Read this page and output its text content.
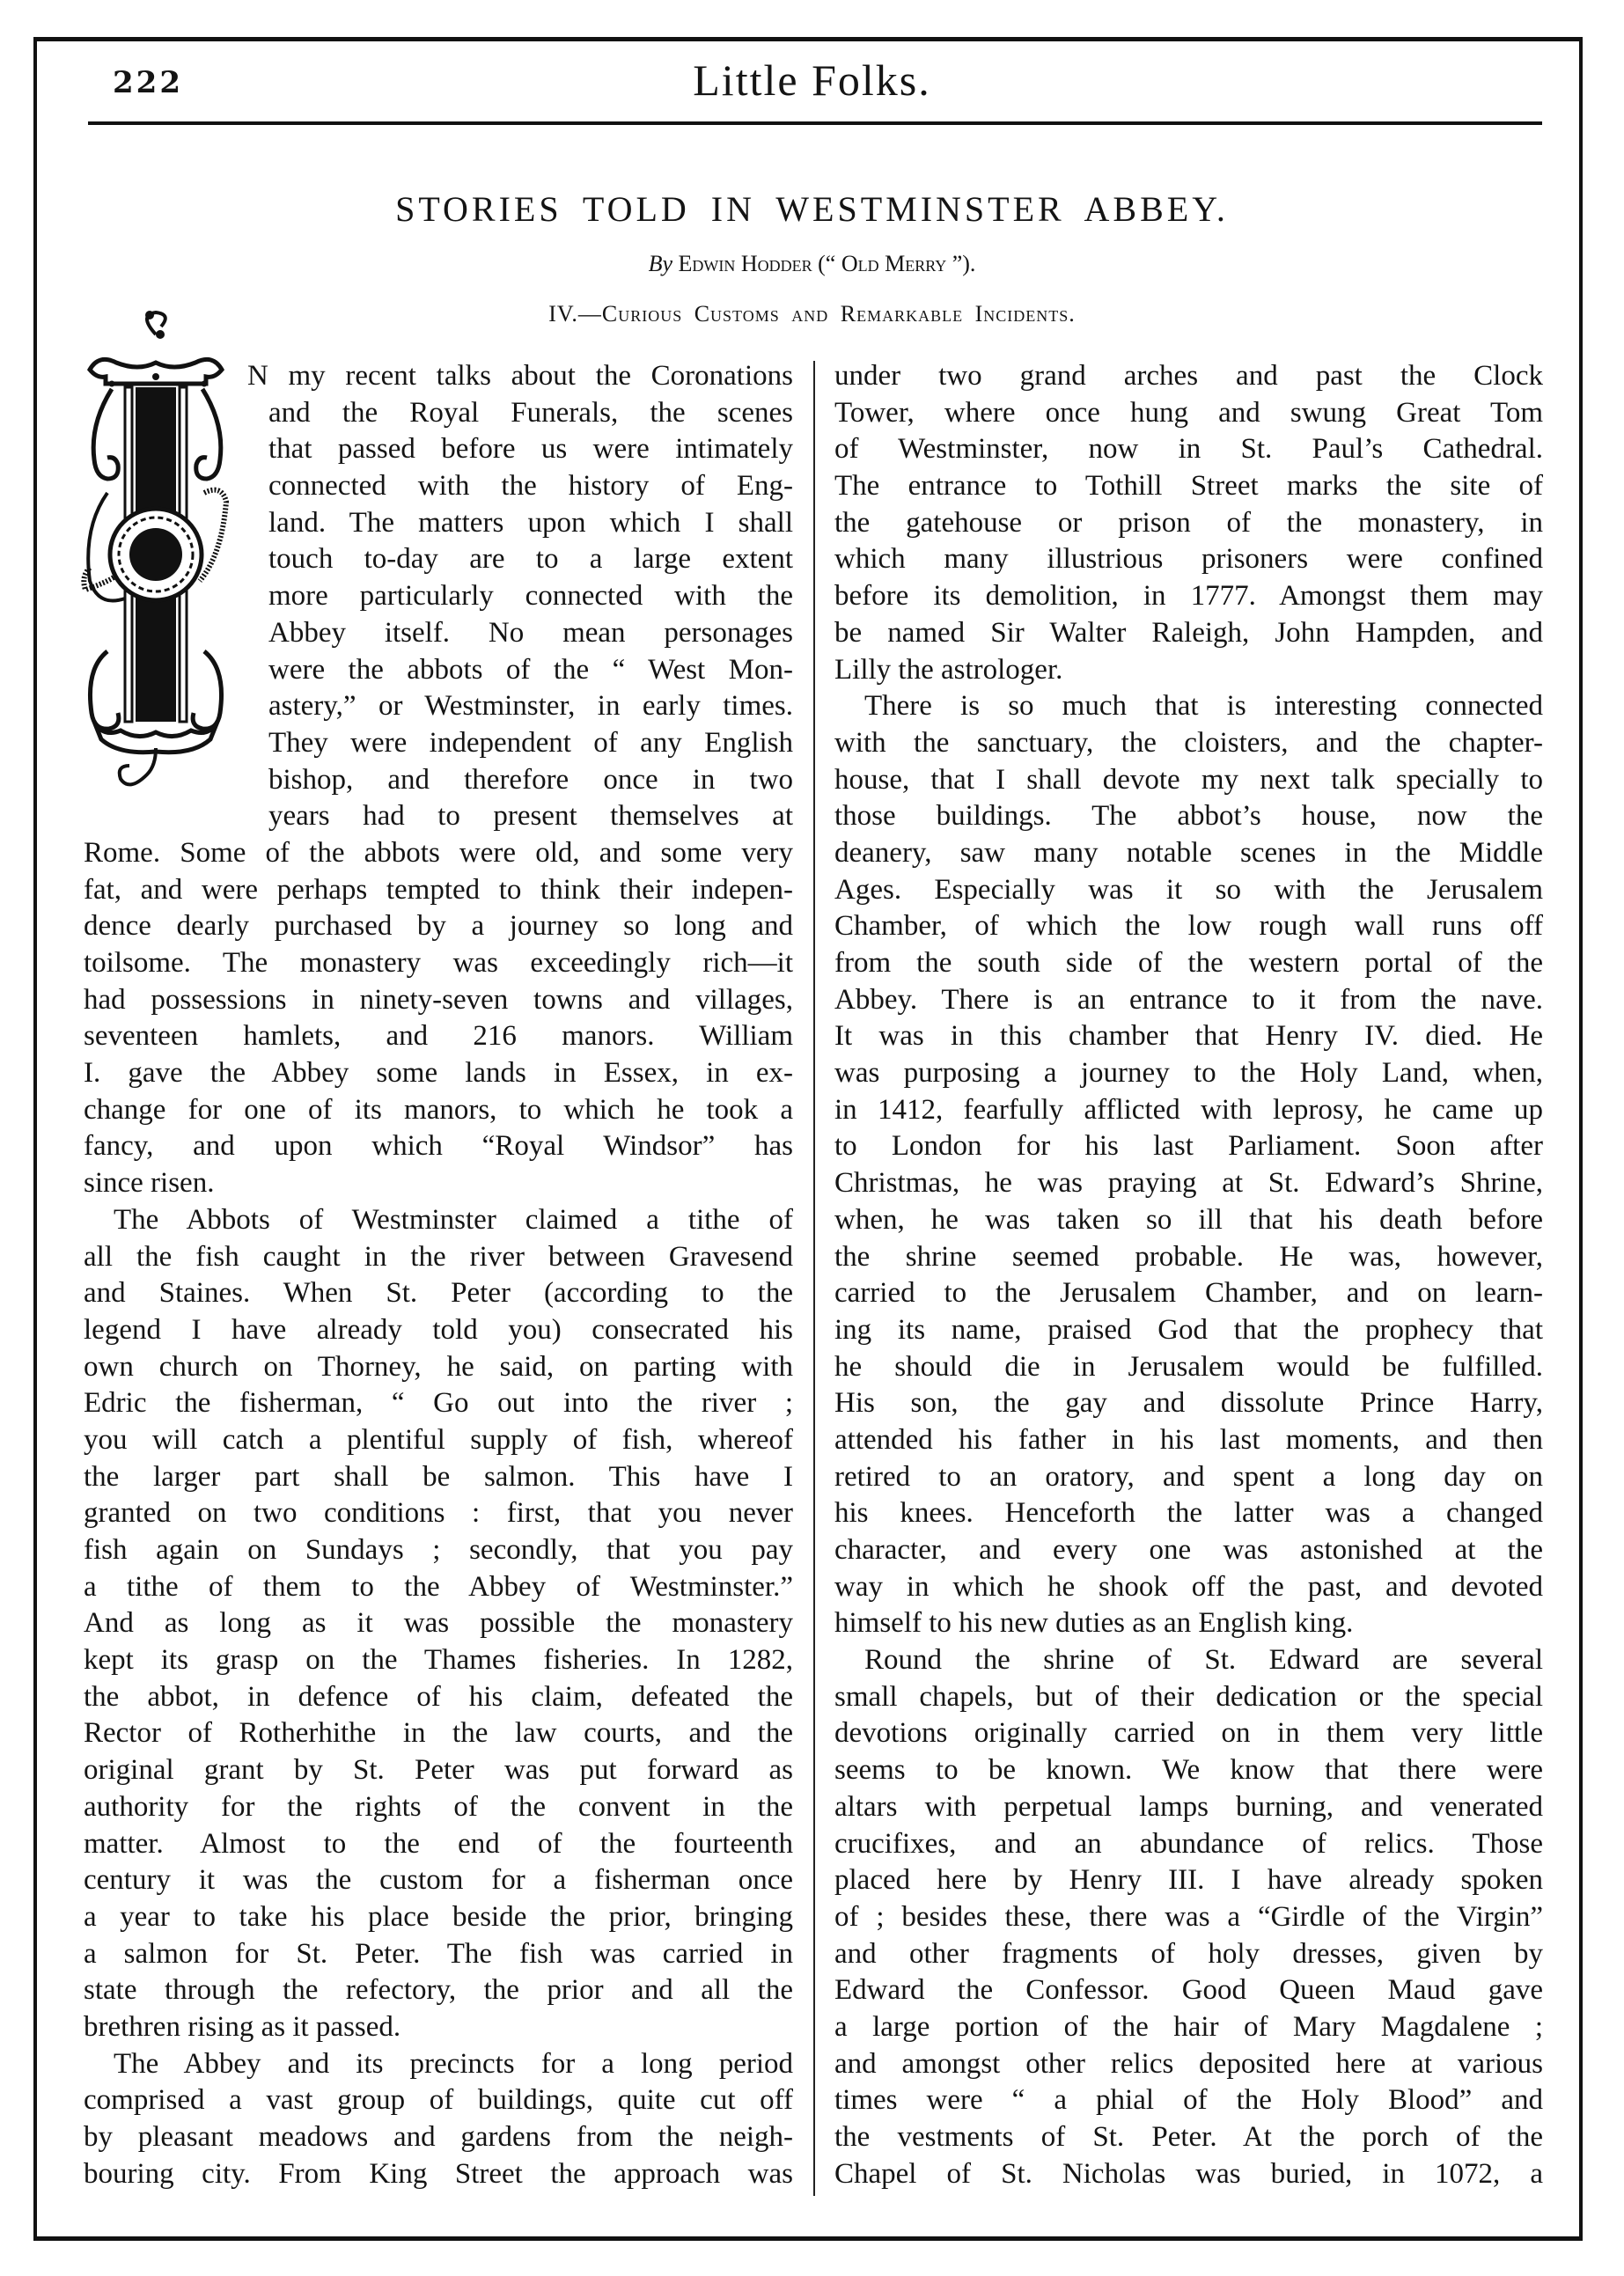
222	Little Folks.
STORIES TOLD IN WESTMINSTER ABBEY.
By Edwin Hodder (“ Old Merry ”).
IV.—Curious Customs and Remarkable Incidents.
N my recent talks about the Coronations
and the Royal Funerals, the scenes
that passed before us were intimately
connected with the history of Eng-
land. The matters upon which I shall
touch to-day are to a large extent
more particularly connected with the
Abbey itself. No mean personages
were the abbots of the “ West Mon-
astery,” or Westminster, in early times.
They were independent of any English
bishop, and therefore once in two
years had to present themselves at
Rome. Some of the abbots were old, and some very
fat, and were perhaps tempted to think their indepen-
dence dearly purchased by a journey so long and
toilsome. The monastery was exceedingly rich—it
had possessions in ninety-seven towns and villages,
seventeen hamlets, and 216 manors. William
I. gave the Abbey some lands in Essex, in ex-
change for one of its manors, to which he took a
fancy, and upon which “Royal Windsor” has
since risen.
The Abbots of Westminster claimed a tithe of
all the fish caught in the river between Gravesend
and Staines. When St. Peter (according to the
legend I have already told you) consecrated his
own church on Thorney, he said, on parting with
Edric the fisherman, “ Go out into the river ;
you will catch a plentiful supply of fish, whereof
the larger part shall be salmon. This have I
granted on two conditions : first, that you never
fish again on Sundays ; secondly, that you pay
a tithe of them to the Abbey of Westminster.”
And as long as it was possible the monastery
kept its grasp on the Thames fisheries. In 1282,
the abbot, in defence of his claim, defeated the
Rector of Rotherhithe in the law courts, and the
original grant by St. Peter was put forward as
authority for the rights of the convent in the
matter. Almost to the end of the fourteenth
century it was the custom for a fisherman once
a year to take his place beside the prior, bringing
a salmon for St. Peter. The fish was carried in
state through the refectory, the prior and all the
brethren rising as it passed.
The Abbey and its precincts for a long period
comprised a vast group of buildings, quite cut off
by pleasant meadows and gardens from the neigh-
bouring city. From King Street the approach was
under two grand arches and past the Clock
Tower, where once hung and swung Great Tom
of Westminster, now in St. Paul’s Cathedral.
The entrance to Tothill Street marks the site of
the gatehouse or prison of the monastery, in
which many illustrious prisoners were confined
before its demolition, in 1777. Amongst them may
be named Sir Walter Raleigh, John Hampden, and
Lilly the astrologer.
There is so much that is interesting connected
with the sanctuary, the cloisters, and the chapter-
house, that I shall devote my next talk specially to
those buildings. The abbot’s house, now the
deanery, saw many notable scenes in the Middle
Ages. Especially was it so with the Jerusalem
Chamber, of which the low rough wall runs off
from the south side of the western portal of the
Abbey. There is an entrance to it from the nave.
It was in this chamber that Henry IV. died. He
was purposing a journey to the Holy Land, when,
in 1412, fearfully afflicted with leprosy, he came up
to London for his last Parliament. Soon after
Christmas, he was praying at St. Edward’s Shrine,
when, he was taken so ill that his death before
the shrine seemed probable. He was, however,
carried to the Jerusalem Chamber, and on learn-
ing its name, praised God that the prophecy that
he should die in Jerusalem would be fulfilled.
His son, the gay and dissolute Prince Harry,
attended his father in his last moments, and then
retired to an oratory, and spent a long day on
his knees. Henceforth the latter was a changed
character, and every one was astonished at the
way in which he shook off the past, and devoted
himself to his new duties as an English king.
Round the shrine of St. Edward are several
small chapels, but of their dedication or the special
devotions originally carried on in them very little
seems to be known. We know that there were
altars with perpetual lamps burning, and venerated
crucifixes, and an abundance of relics. Those
placed here by Henry III. I have already spoken
of ; besides these, there was a “Girdle of the Virgin”
and other fragments of holy dresses, given by
Edward the Confessor. Good Queen Maud gave
a large portion of the hair of Mary Magdalene ;
and amongst other relics deposited here at various
times were “ a phial of the Holy Blood” and
the vestments of St. Peter. At the porch of the
Chapel of St. Nicholas was buried, in 1072, a
